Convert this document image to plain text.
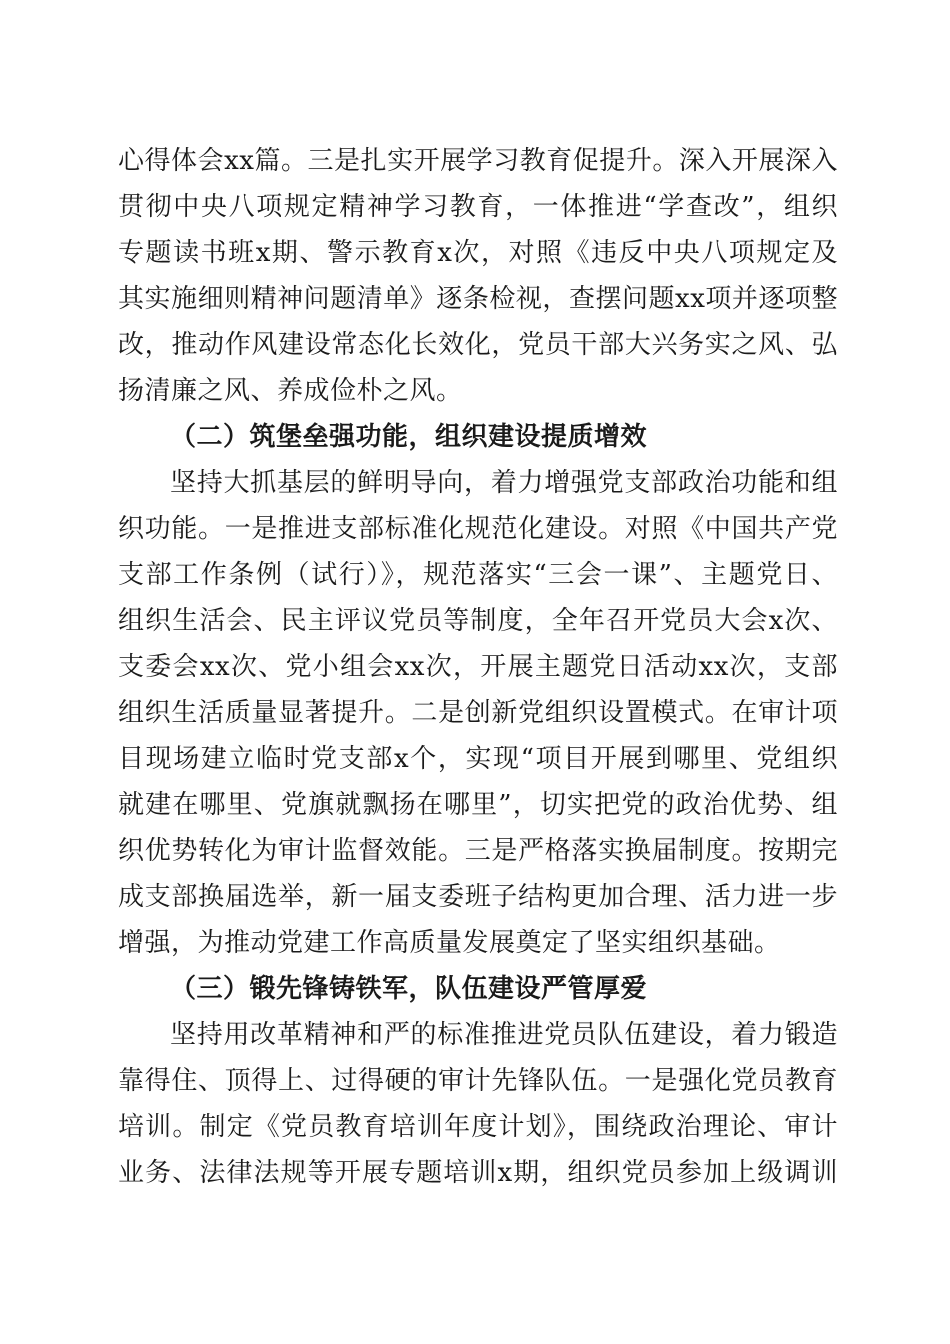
心得体会xx篇。三是扎实开展学习教育促提升。深入开展深入
贯彻中央八项规定精神学习教育，一体推进“学查改”，组织
专题读书班x期、警示教育x次，对照《违反中央八项规定及
其实施细则精神问题清单》逐条检视，查摆问题xx项并逐项整
改，推动作风建设常态化长效化，党员干部大兴务实之风、弘
扬清廉之风、养成俭朴之风。
（二）筑堡垒强功能，组织建设提质增效
坚持大抓基层的鲜明导向，着力增强党支部政治功能和组
织功能。一是推进支部标准化规范化建设。对照《中国共产党
支部工作条例（试行）》，规范落实“三会一课”、主题党日、
组织生活会、民主评议党员等制度，全年召开党员大会x次、
支委会xx次、党小组会xx次，开展主题党日活动xx次，支部
组织生活质量显著提升。二是创新党组织设置模式。在审计项
目现场建立临时党支部x个，实现“项目开展到哪里、党组织
就建在哪里、党旗就飘扬在哪里”，切实把党的政治优势、组
织优势转化为审计监督效能。三是严格落实换届制度。按期完
成支部换届选举，新一届支委班子结构更加合理、活力进一步
增强，为推动党建工作高质量发展奠定了坚实组织基础。
（三）锻先锋铸铁军，队伍建设严管厚爱
坚持用改革精神和严的标准推进党员队伍建设，着力锻造
靠得住、顶得上、过得硬的审计先锋队伍。一是强化党员教育
培训。制定《党员教育培训年度计划》，围绕政治理论、审计
业务、法律法规等开展专题培训x期，组织党员参加上级调训
